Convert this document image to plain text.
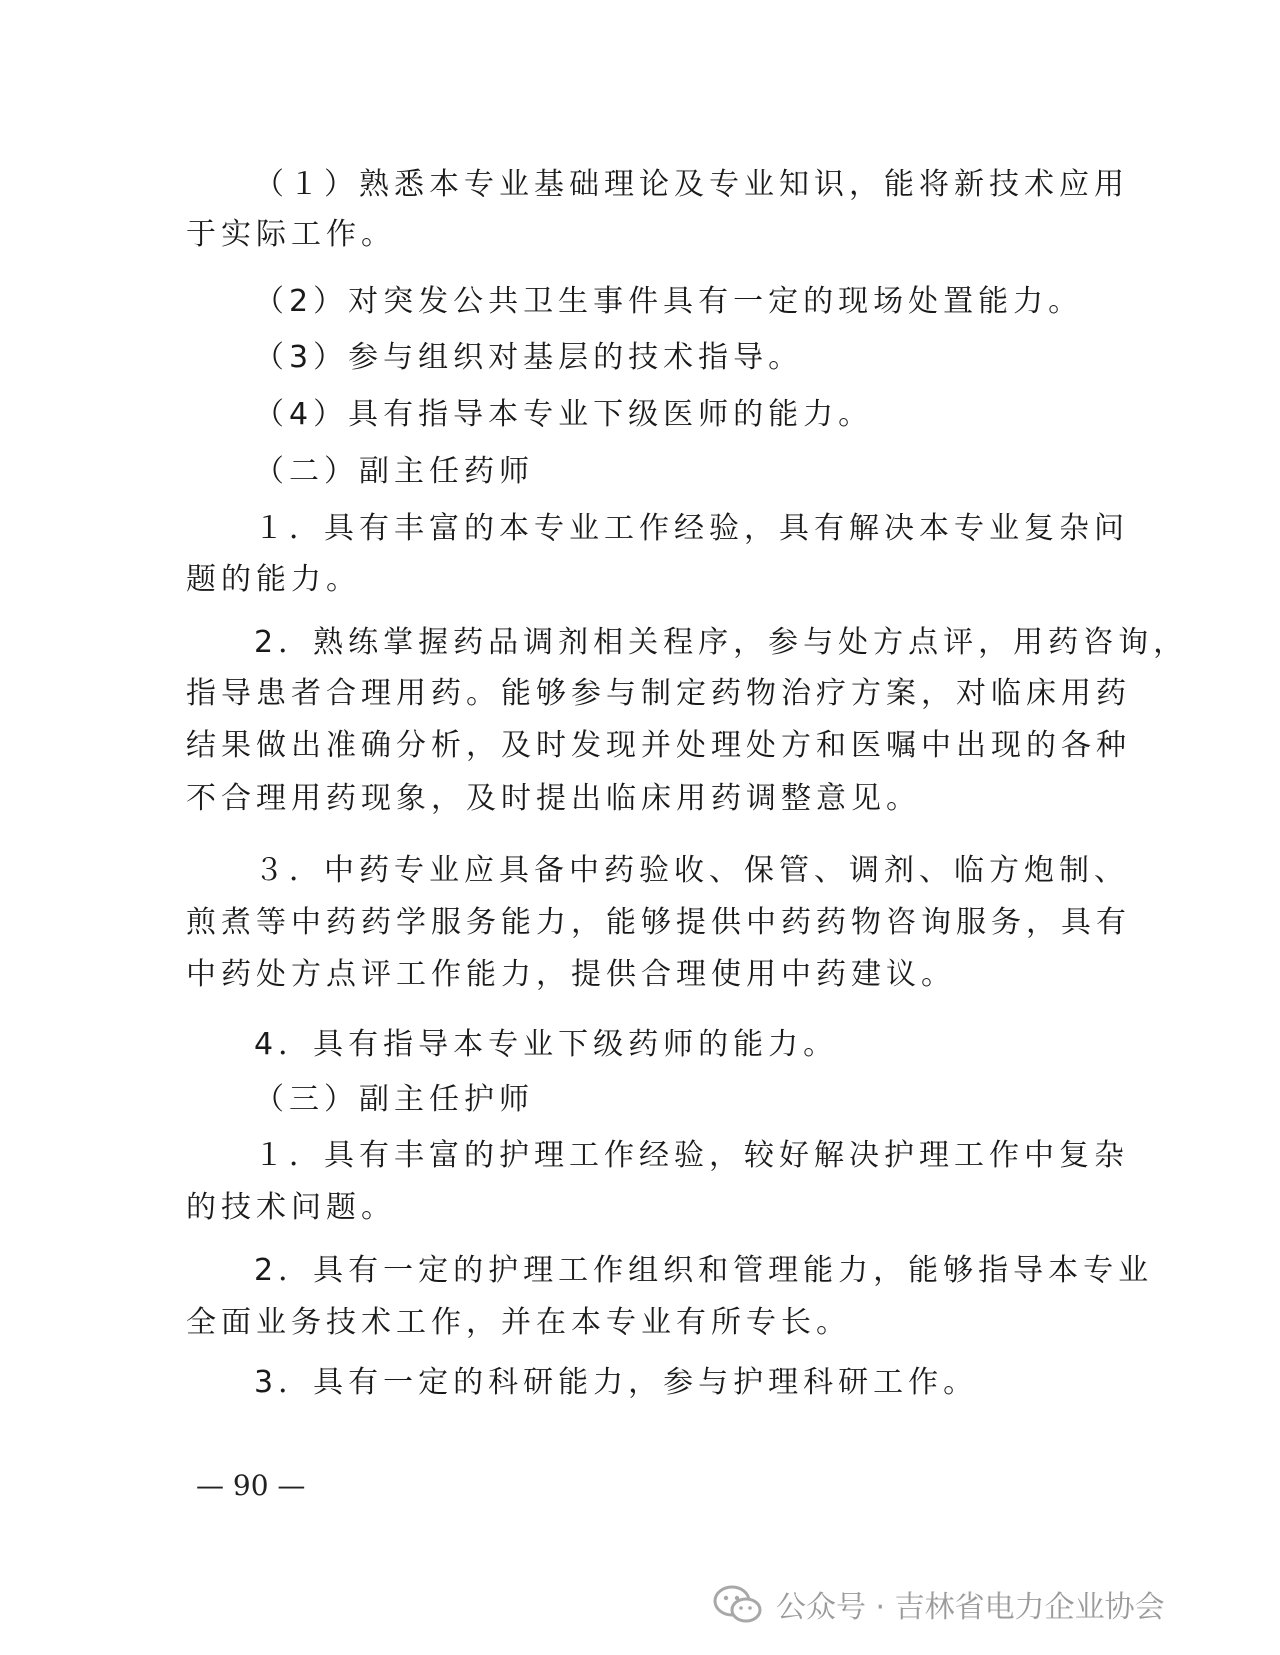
（１）熟悉本专业基础理论及专业知识，能将新技术应用
于实际工作。
（2）对突发公共卫生事件具有一定的现场处置能力。
（3）参与组织对基层的技术指导。
（4）具有指导本专业下级医师的能力。
（二）副主任药师
１．具有丰富的本专业工作经验，具有解决本专业复杂问
题的能力。
2．熟练掌握药品调剂相关程序，参与处方点评，用药咨询，
指导患者合理用药。能够参与制定药物治疗方案，对临床用药
结果做出准确分析，及时发现并处理处方和医嘱中出现的各种
不合理用药现象，及时提出临床用药调整意见。
３．中药专业应具备中药验收、保管、调剂、临方炮制、
煎煮等中药药学服务能力，能够提供中药药物咨询服务，具有
中药处方点评工作能力，提供合理使用中药建议。
4．具有指导本专业下级药师的能力。
（三）副主任护师
１．具有丰富的护理工作经验，较好解决护理工作中复杂
的技术问题。
2．具有一定的护理工作组织和管理能力，能够指导本专业
全面业务技术工作，并在本专业有所专长。
3．具有一定的科研能力，参与护理科研工作。
— 90 —
公众号 · 吉林省电力企业协会
